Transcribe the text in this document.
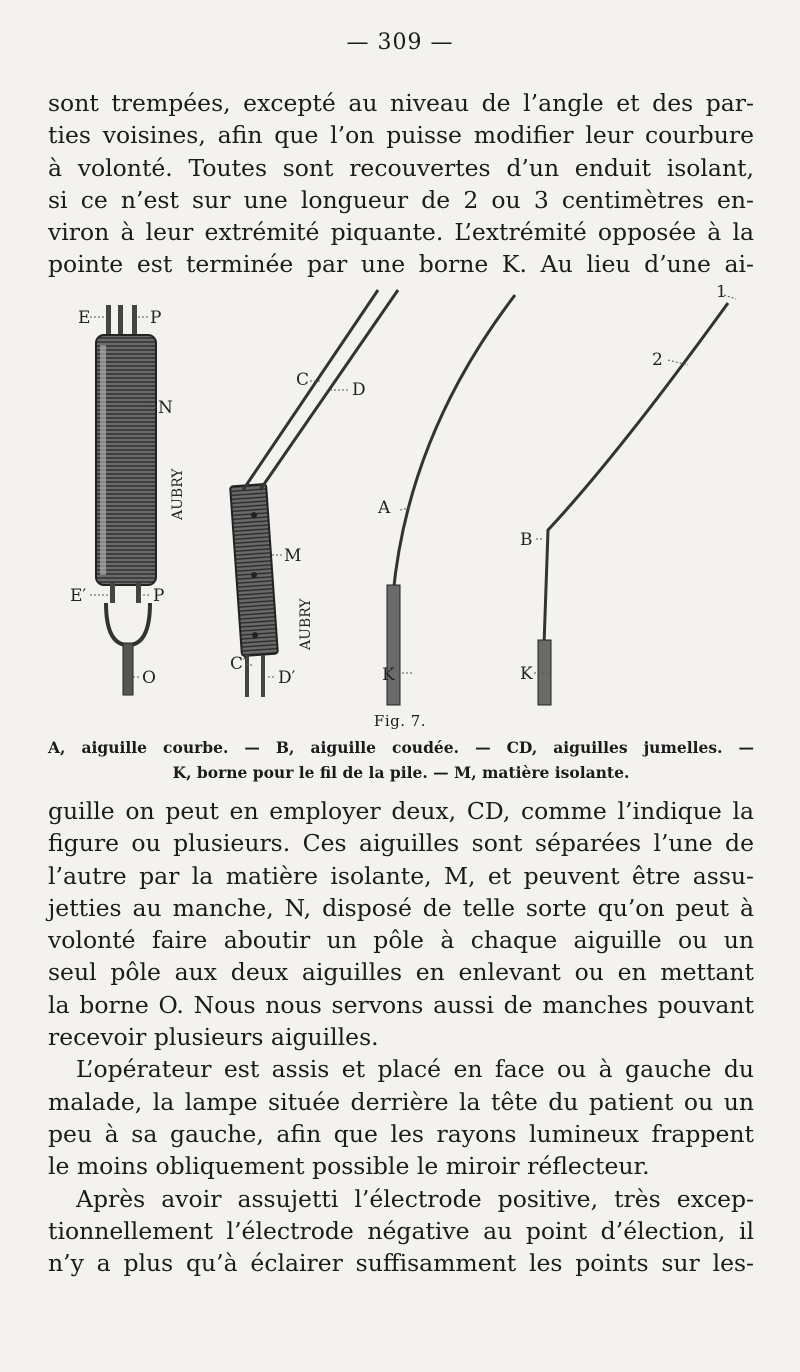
— 309 —

sont trempées, excepté au niveau de l’angle et des par-

ties voisines, afin que l’on puisse modifier leur courbure

à volonté. Toutes sont recouvertes d’un enduit isolant,

si ce n’est sur une longueur de 2 ou 3 centimètres en-

viron à leur extrémité piquante. L’extrémité opposée à la

pointe est terminée par une borne K. Au lieu d’une ai-

E	P
N
AUBRY
E′	P
O
C	D
M
AUBRY
C′
D′
A
K
B
K
1
2
Fig. 7.
A, aiguille courbe. — B, aiguille coudée. — CD, aiguilles jumelles. —
K, borne pour le fil de la pile. — M, matière isolante.

guille on peut en employer deux, CD, comme l’indique la

figure ou plusieurs. Ces aiguilles sont séparées l’une de

l’autre par la matière isolante, M, et peuvent être assu-

jetties au manche, N, disposé de telle sorte qu’on peut à

volonté faire aboutir un pôle à chaque aiguille ou un

seul pôle aux deux aiguilles en enlevant ou en mettant

la borne O. Nous nous servons aussi de manches pouvant

recevoir plusieurs aiguilles.

L’opérateur est assis et placé en face ou à gauche du

malade, la lampe située derrière la tête du patient ou un

peu à sa gauche, afin que les rayons lumineux frappent

le moins obliquement possible le miroir réflecteur.

Après avoir assujetti l’électrode positive, très excep-

tionnellement l’électrode négative au point d’élection, il

n’y a plus qu’à éclairer suffisamment les points sur les-
